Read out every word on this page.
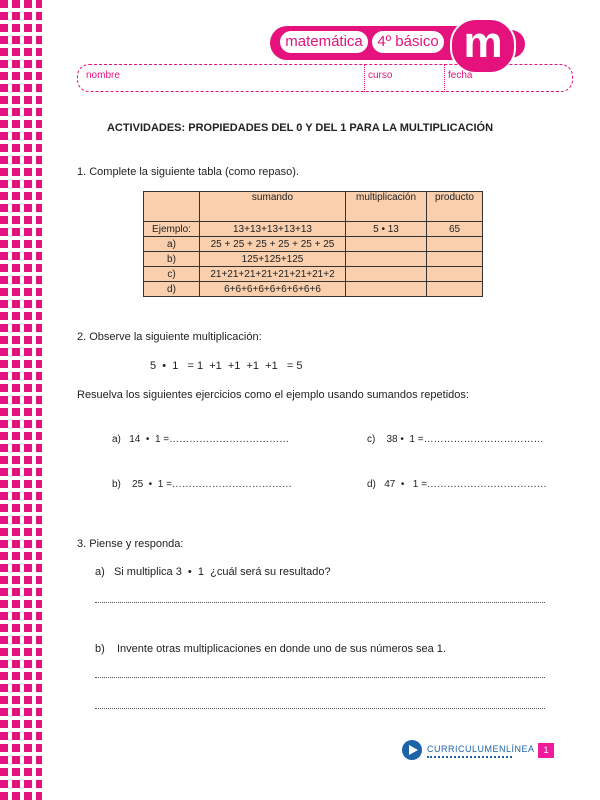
matemática 4º básico m
nombre	curso	fecha
ACTIVIDADES: PROPIEDADES DEL 0 Y DEL 1 PARA LA MULTIPLICACIÓN
1. Complete la siguiente tabla (como repaso).
	sumando	multiplicación	producto
Ejemplo:	13+13+13+13+13	5 • 13	65
a)	25 + 25 + 25 + 25 + 25 + 25		
b)	125+125+125		
c)	21+21+21+21+21+21+21+2		
d)	6+6+6+6+6+6+6+6+6		
2. Observe la siguiente multiplicación:
5  •  1   = 1  +1  +1  +1  +1   = 5
Resuelva los siguientes ejercicios como el ejemplo usando sumandos repetidos:
a)   14  •  1 =………………………………	c)    38 •  1 =………………………………
b)    25  •  1 =………………………………	d)   47  •   1 =………………………………
3. Piense y responda:
a)   Si multiplica 3  •  1  ¿cuál será su resultado?
b)    Invente otras multiplicaciones en donde uno de sus números sea 1.
CURRICULUMENLÍNEA 1
